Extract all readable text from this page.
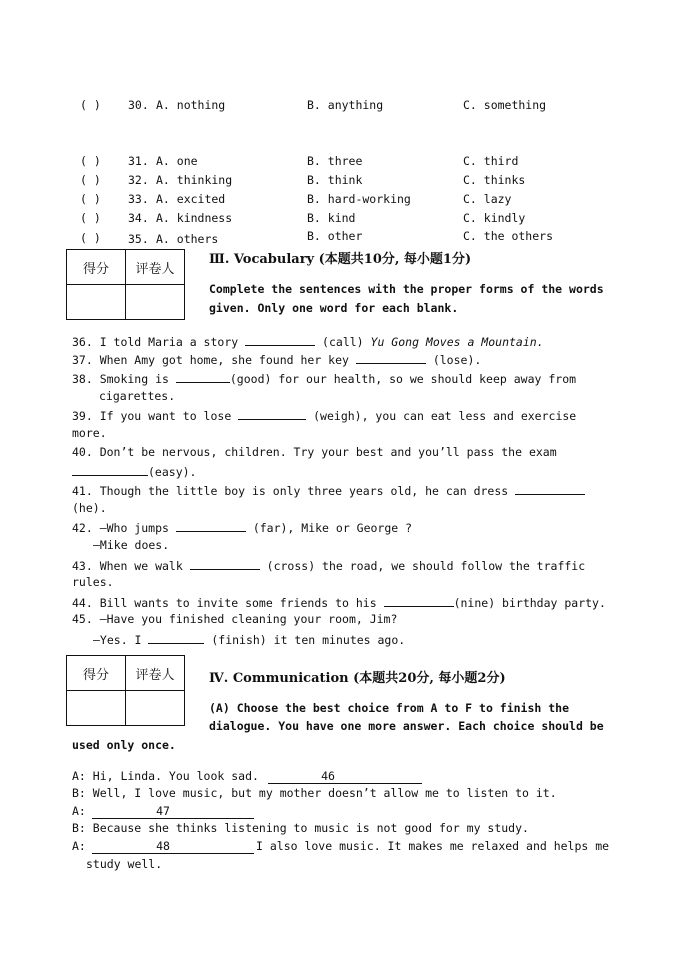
( ) 30. A. nothing	B. anything	C. something
( ) 31. A. one	B. three	C. third
( ) 32. A. thinking	B. think	C. thinks
( ) 33. A. excited	B. hard-working	C. lazy
( ) 34. A. kindness	B. kind	C. kindly
( ) 35. A. others	B. other	C. the others
得分	评卷人

Ⅲ. Vocabulary (本题共10分, 每小题1分)
Complete the sentences with the proper forms of the words
given. Only one word for each blank.
36. I told Maria a story	(call) Yu Gong Moves a Mountain.
37. When Amy got home, she found her key	(lose).
38. Smoking is	(good) for our health, so we should keep away from
cigarettes.
39. If you want to lose	(weigh), you can eat less and exercise
more.
40. Don’t be nervous, children. Try your best and you’ll pass the exam
(easy).
41. Though the little boy is only three years old, he can dress
(he).
42. —Who jumps	(far), Mike or George ?
—Mike does.
43. When we walk	(cross) the road, we should follow the traffic
rules.
44. Bill wants to invite some friends to his	(nine) birthday party.
45. —Have you finished cleaning your room, Jim?
—Yes. I	(finish) it ten minutes ago.
得分	评卷人
		Ⅳ. Communication (本题共20分, 每小题2分)
(A) Choose the best choice from A to F to finish the
dialogue. You have one more answer. Each choice should be
used only once.
A: Hi, Linda. You look sad.	46
B: Well, I love music, but my mother doesn’t allow me to listen to it.
A:	47
B: Because she thinks listening to music is not good for my study.
A:	48	I also love music. It makes me relaxed and helps me
study well.
